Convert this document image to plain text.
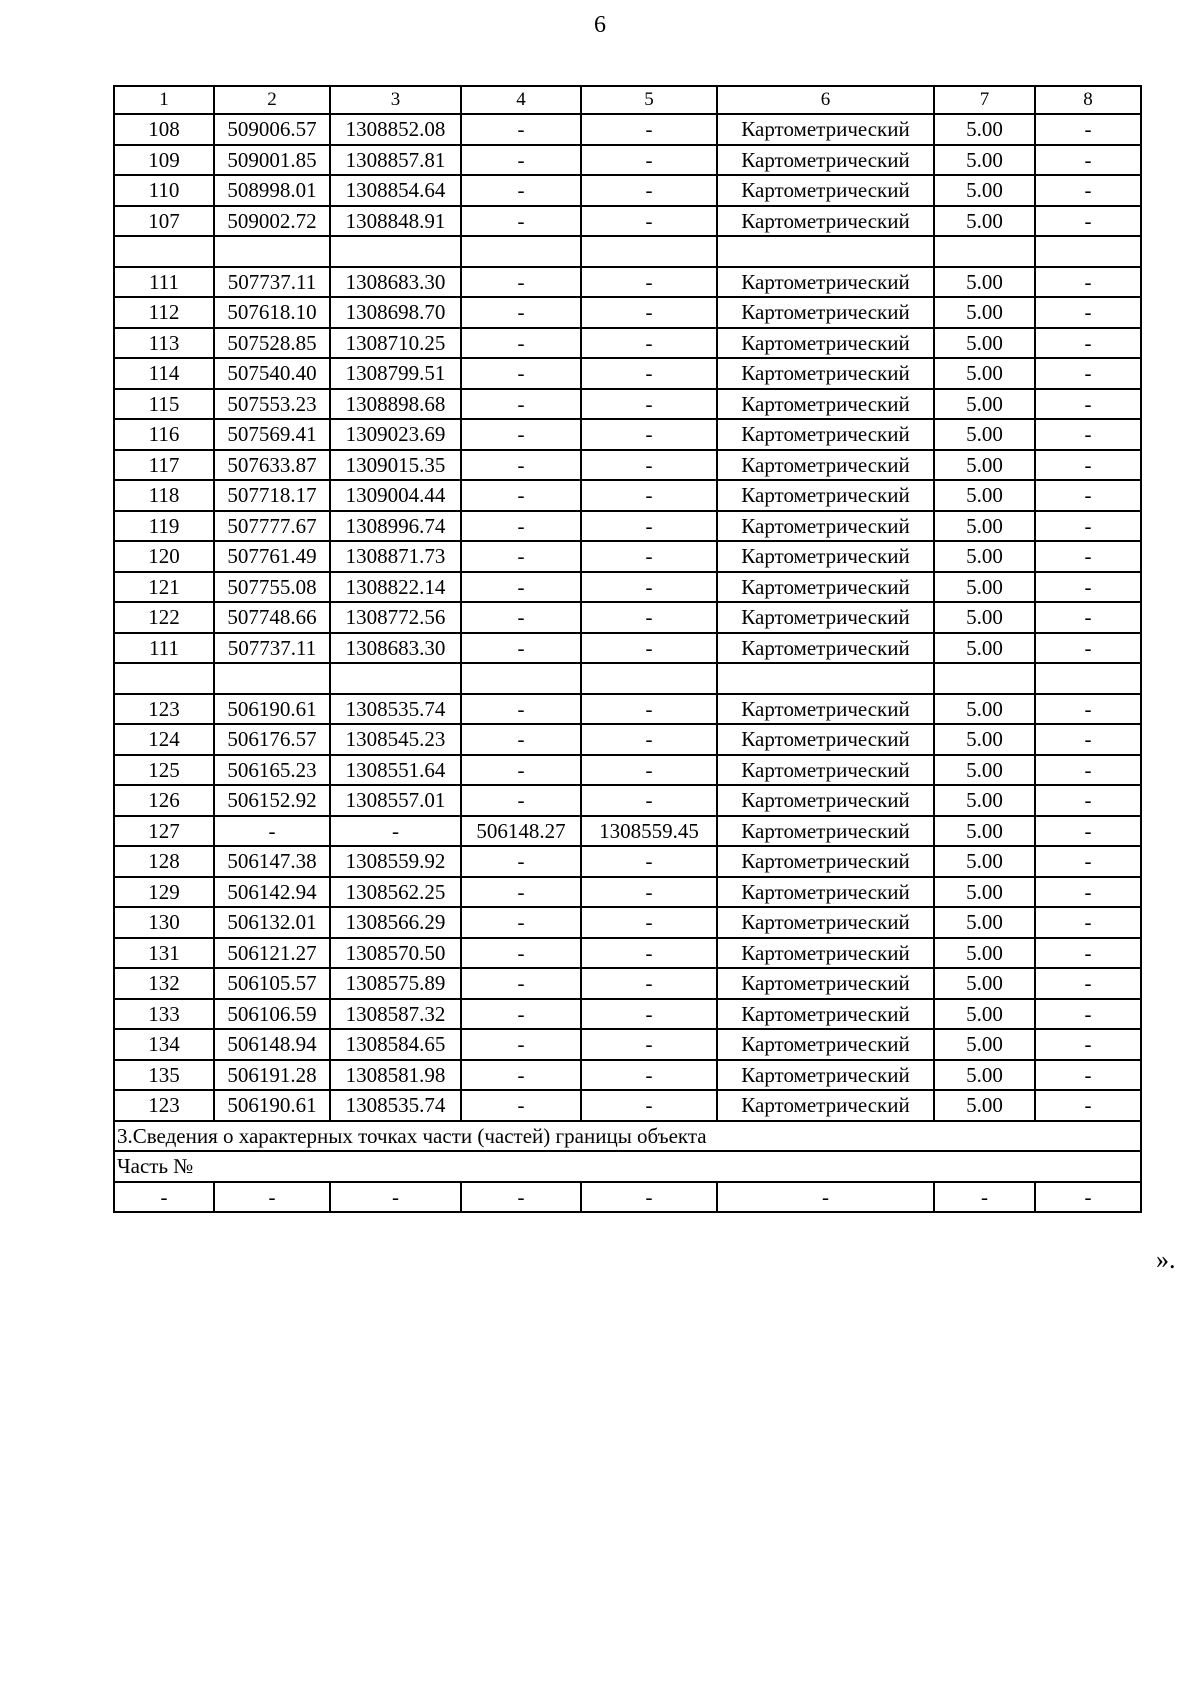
6
1	2	3	4	5	6	7	8
108	509006.57	1308852.08	-	-	Картометрический	5.00	-
109	509001.85	1308857.81	-	-	Картометрический	5.00	-
110	508998.01	1308854.64	-	-	Картометрический	5.00	-
107	509002.72	1308848.91	-	-	Картометрический	5.00	-

111	507737.11	1308683.30	-	-	Картометрический	5.00	-
112	507618.10	1308698.70	-	-	Картометрический	5.00	-
113	507528.85	1308710.25	-	-	Картометрический	5.00	-
114	507540.40	1308799.51	-	-	Картометрический	5.00	-
115	507553.23	1308898.68	-	-	Картометрический	5.00	-
116	507569.41	1309023.69	-	-	Картометрический	5.00	-
117	507633.87	1309015.35	-	-	Картометрический	5.00	-
118	507718.17	1309004.44	-	-	Картометрический	5.00	-
119	507777.67	1308996.74	-	-	Картометрический	5.00	-
120	507761.49	1308871.73	-	-	Картометрический	5.00	-
121	507755.08	1308822.14	-	-	Картометрический	5.00	-
122	507748.66	1308772.56	-	-	Картометрический	5.00	-
111	507737.11	1308683.30	-	-	Картометрический	5.00	-

123	506190.61	1308535.74	-	-	Картометрический	5.00	-
124	506176.57	1308545.23	-	-	Картометрический	5.00	-
125	506165.23	1308551.64	-	-	Картометрический	5.00	-
126	506152.92	1308557.01	-	-	Картометрический	5.00	-
127	-	-	506148.27	1308559.45	Картометрический	5.00	-
128	506147.38	1308559.92	-	-	Картометрический	5.00	-
129	506142.94	1308562.25	-	-	Картометрический	5.00	-
130	506132.01	1308566.29	-	-	Картометрический	5.00	-
131	506121.27	1308570.50	-	-	Картометрический	5.00	-
132	506105.57	1308575.89	-	-	Картометрический	5.00	-
133	506106.59	1308587.32	-	-	Картометрический	5.00	-
134	506148.94	1308584.65	-	-	Картометрический	5.00	-
135	506191.28	1308581.98	-	-	Картометрический	5.00	-
123	506190.61	1308535.74	-	-	Картометрический	5.00	-
3.Сведения о характерных точках части (частей) границы объекта							
Часть №							
-	-	-	-	-	-	-	-
».
